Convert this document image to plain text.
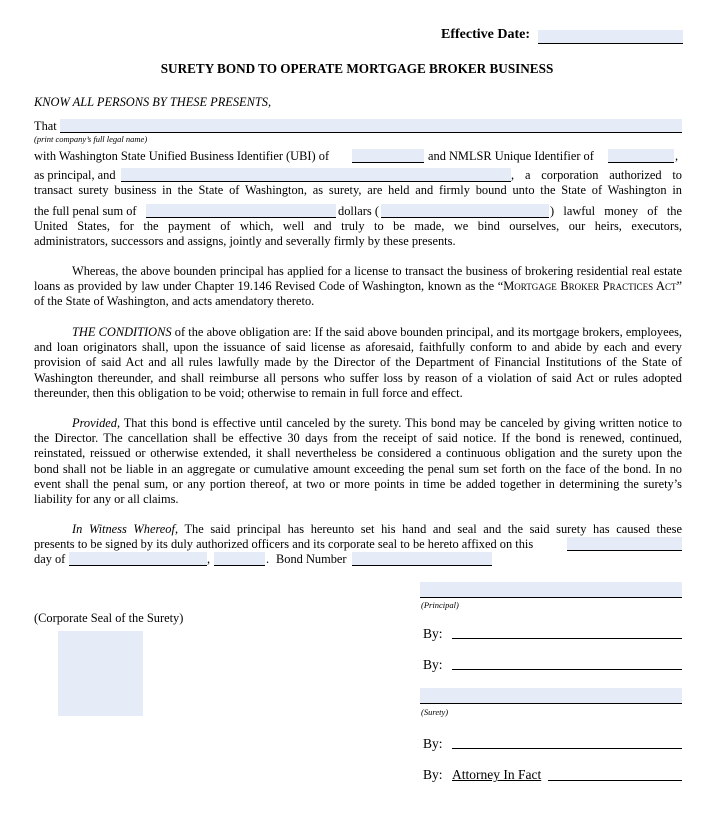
Effective Date:
SURETY BOND TO OPERATE MORTGAGE BROKER BUSINESS
KNOW ALL PERSONS BY THESE PRESENTS,
That
(print company’s full legal name)
with Washington State Unified Business Identifier (UBI) of	and NMLSR Unique Identifier of	,
as principal, and	, a corporation authorized to
transact surety business in the State of Washington, as surety, are held and firmly bound unto the State of Washington in
the full penal sum of	dollars (	) lawful money of the
United States, for the payment of which, well and truly to be made, we bind ourselves, our heirs, executors,
administrators, successors and assigns, jointly and severally firmly by these presents.

Whereas, the above bounden principal has applied for a license to transact the business of brokering residential real estate loans as provided by law under Chapter 19.146 Revised Code of Washington, known as the “Mortgage Broker Practices Act” of the State of Washington, and acts amendatory thereto.

THE CONDITIONS of the above obligation are: If the said above bounden principal, and its mortgage brokers, employees, and loan originators shall, upon the issuance of said license as aforesaid, faithfully conform to and abide by each and every provision of said Act and all rules lawfully made by the Director of the Department of Financial Institutions of the State of Washington thereunder, and shall reimburse all persons who suffer loss by reason of a violation of said Act or rules adopted thereunder, then this obligation to be void; otherwise to remain in full force and effect.

Provided, That this bond is effective until canceled by the surety. This bond may be canceled by giving written notice to the Director. The cancellation shall be effective 30 days from the receipt of said notice. If the bond is renewed, continued, reinstated, reissued or otherwise extended, it shall nevertheless be considered a continuous obligation and the surety upon the bond shall not be liable in an aggregate or cumulative amount exceeding the penal sum set forth on the face of the bond. In no event shall the penal sum, or any portion thereof, at two or more points in time be added together in determining the surety’s liability for any or all claims.

In Witness Whereof, The said principal has hereunto set his hand and seal and the said surety has caused these
presents to be signed by its duly authorized officers and its corporate seal to be hereto affixed on this
day of	,	. Bond Number
(Principal)
(Corporate Seal of the Surety)
By:
By:
(Surety)
By:
By: Attorney In Fact
